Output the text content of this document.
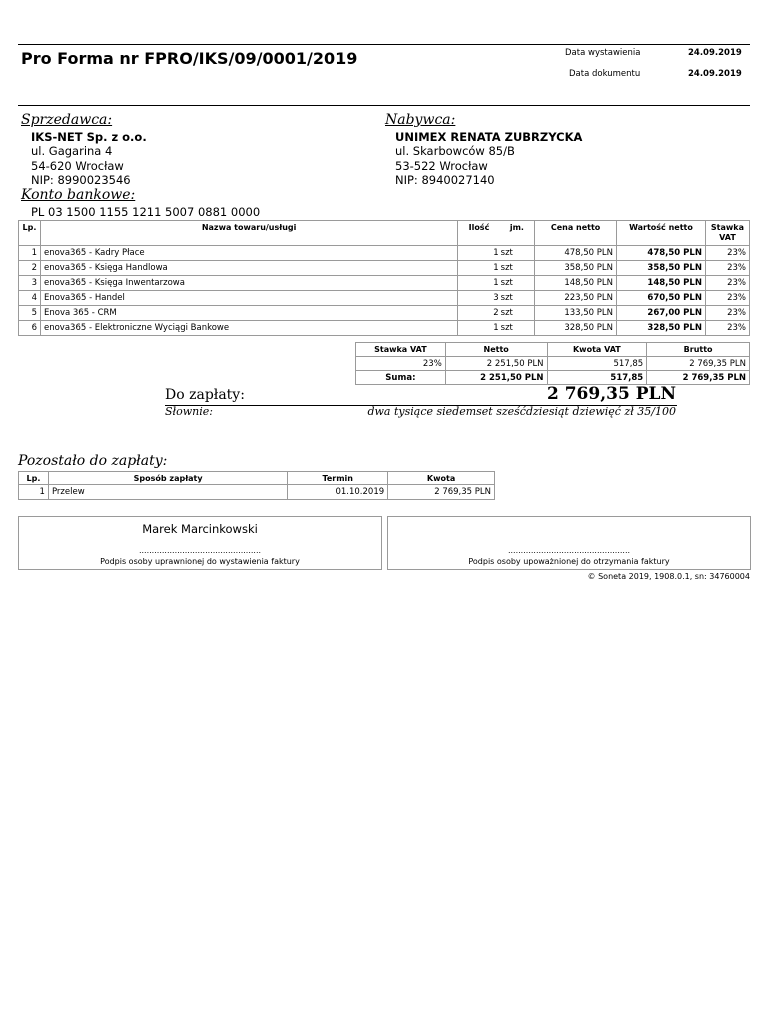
Pro Forma nr FPRO/IKS/09/0001/2019	Data wystawienia	24.09.2019
Data dokumentu	24.09.2019
Sprzedawca:
IKS-NET Sp. z o.o.
ul. Gagarina 4
54-620 Wrocław
NIP: 8990023546
Nabywca:
UNIMEX RENATA ZUBRZYCKA
ul. Skarbowców 85/B
53-522 Wrocław
NIP: 8940027140
Konto bankowe:
PL 03 1500 1155 1211 5007 0881 0000
Lp.	Nazwa towaru/usługi	Ilość	jm.	Cena netto	Wartość netto	Stawka
VAT

1	enova365 - Kadry Płace	1	szt	478,50 PLN	478,50 PLN	23%
2	enova365 - Księga Handlowa	1	szt	358,50 PLN	358,50 PLN	23%
3	enova365 - Księga Inwentarzowa	1	szt	148,50 PLN	148,50 PLN	23%
4	Enova365 - Handel	3	szt	223,50 PLN	670,50 PLN	23%
5	Enova 365 - CRM	2	szt	133,50 PLN	267,00 PLN	23%
6	enova365 - Elektroniczne Wyciągi Bankowe	1	szt	328,50 PLN	328,50 PLN	23%
Stawka VAT	Netto	Kwota VAT	Brutto
23%	2 251,50 PLN	517,85	2 769,35 PLN
Suma:	2 251,50 PLN	517,85	2 769,35 PLN
Do zapłaty:	2 769,35 PLN
Słownie:	dwa tysiące siedemset sześćdziesiąt dziewięć zł 35/100
Pozostało do zapłaty:
Lp.	Sposób zapłaty	Termin	Kwota
1	Przelew	01.10.2019	2 769,35 PLN
Marek Marcinkowski
................................................
Podpis osoby uprawnionej do wystawienia faktury
................................................
Podpis osoby upoważnionej do otrzymania faktury
© Soneta 2019, 1908.0.1, sn: 34760004
